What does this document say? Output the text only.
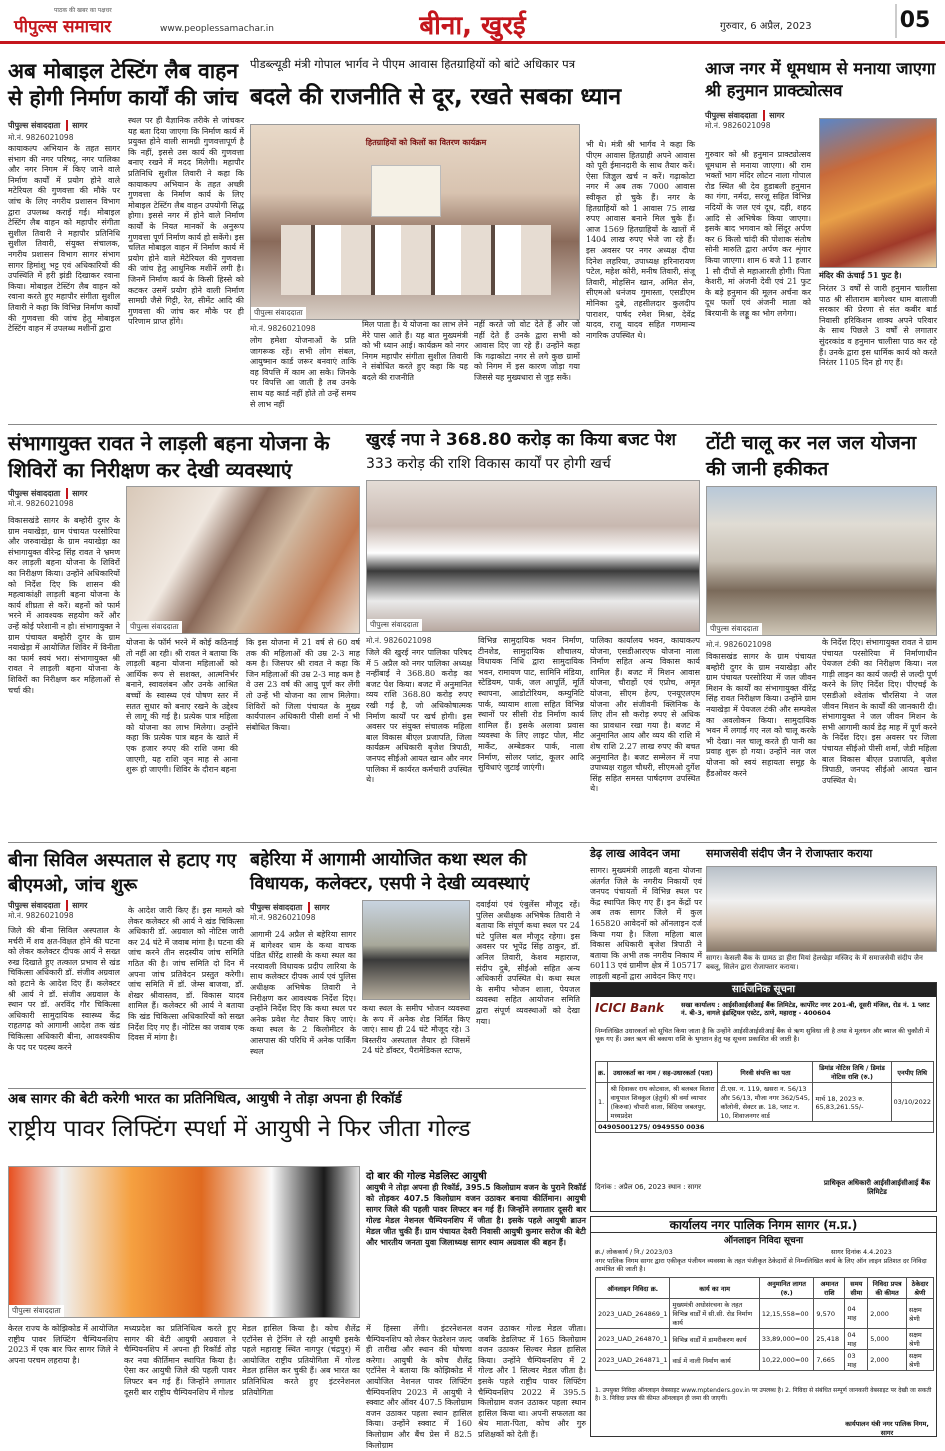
पाठक की खबर का पक्षधर
पीपुल्स समाचार	www.peoplessamachar.in	बीना, खुरई	गुरुवार, 6 अप्रैल, 2023	05
अब मोबाइल टेस्टिंग लैब वाहन से होगी निर्माण कार्यों की जांच
पीपुल्स संवाददाता	सागर
मो.नं. 9826021098
कायाकल्प अभियान के तहत सागर संभाग की नगर परिषद्, नगर पालिका और नगर निगम में किए जाने वाले निर्माण कार्यों में प्रयोग होने वाले मटेरियल की गुणवत्ता की मौके पर जांच के लिए नगरीय प्रशासन विभाग द्वारा उपलब्ध कराई गई। मोबाइल टेस्टिंग लैब वाहन को महापौर संगीता सुशील तिवारी ने महापौर प्रतिनिधि सुशील तिवारी, संयुक्त संचालक, नगरीय प्रशासन विभाग सागर संभाग सागर हिमांशु भट्ट एवं अधिकारियों की उपस्थिति में हरी झंडी दिखाकर रवाना किया। मोबाइल टेस्टिंग लैब वाहन को रवाना करते हुए महापौर संगीता सुशील तिवारी ने कहा कि विभिन्न निर्माण कार्यों की गुणवत्ता की जांच हेतु मोबाइल टेस्टिंग वाहन में उपलब्ध मशीनों द्वारा
स्थल पर ही वैज्ञानिक तरीके से जांचकर यह बता दिया जाएगा कि निर्माण कार्य में प्रयुक्त होने वाली सामग्री गुणवत्तापूर्ण है कि नहीं, इससे उस कार्य की गुणवत्ता बनाए रखने में मदद मिलेगी। महापौर प्रतिनिधि सुशील तिवारी ने कहा कि कायाकल्प अभियान के तहत अच्छी गुणवत्ता के निर्माण कार्य के लिए मोबाइल टेस्टिंग लैब वाहन उपयोगी सिद्ध होगा। इससे नगर में होने वाले निर्माण कार्यों के नियत मानकों के अनुरूप गुणवत्ता पूर्ण निर्माण कार्य हो सकेंगे। इस चलित मोबाइल वाहन में निर्माण कार्य में प्रयोग होने वाले मेटेरियल की गुणवत्ता की जांच हेतु आधुनिक मशीनें लगी है। जिनमें निर्माण कार्य के किसी हिस्से को कटकर उसमें प्रयोग होने वाली निर्माण सामग्री जैसे गिट्टी, रेत, सीमेंट आदि की गुणवत्ता की जांच कर मौके पर ही परिणाम प्राप्त होंगे।
पीडब्ल्यूडी मंत्री गोपाल भार्गव ने पीएम आवास हितग्राहियों को बांटे अधिकार पत्र
बदले की राजनीति से दूर, रखते सबका ध्यान
हितग्राहियों को किलों का वितरण कार्यक्रम
पीपुल्स संवाददाता
भी थे। मंत्री श्री भार्गव ने कहा कि पीएम आवास हितग्राही अपने आवास को पूरी ईमानदारी के साथ तैयार करें। ऐसा जिज्ञुल खर्च न करें। गढ़ाकोटा नगर में अब तक 7000 आवास स्वीकृत हो चुके हैं। नगर के हितग्राहियों को 1 आवास 75 लाख रुपए आवास बनाने मिल चुके हैं। आज 1569 हितग्राहियों के खातों में 1404 लाख रुपए भेजे जा रहे हैं। इस अवसर पर नगर अध्यक्ष दीपा दिनेश लहरिया, उपाध्यक्ष हरिनारायण पटेल, महेश कोरी, मनीष तिवारी, संजू तिवारी, मोहसिन खान, अमित सेन, सीएमओ धनंजय गुमास्ता, एसडीएम मोनिका दुबे, तहसीलदार कुलदीप पाराशर, पार्षद रमेश मिश्रा, देवेंद्र यादव, राजू यादव सहित गणमान्य नागरिक उपस्थित थे।
मो.नं. 9826021098
लोग हमेशा योजनाओं के प्रति जागरूक रहें। सभी लोग संबल, आयुष्मान कार्ड जरूर बनवाएं ताकि वह विपत्ति में काम आ सके। जिनके पर विपत्ति आ जाती है तब उनके साथ यह कार्ड नहीं होते तो उन्हें समय से लाभ नहीं
मिल पाता है। ये योजना का लाभ लेने मेरे पास आते हैं। यह बात मुख्यमंत्री को भी ध्यान आई। कार्यक्रम को नगर निगम महापौर संगीता सुशील तिवारी ने संबोधित करते हुए कहा कि यह बदले की राजनीति
नहीं करते जो वोट देते हैं और जो नहीं देते हैं उनके द्वारा सभी को आवास दिए जा रहे हैं। उन्होंने कहा कि गढ़ाकोटा नगर से लगे कुछ ग्रामों को निगम में इस कारण जोड़ा गया जिससे यह मुख्यधारा से जुड़ सकें।
आज नगर में धूमधाम से मनाया जाएगा श्री हनुमान प्राक्ट्योत्सव
पीपुल्स संवाददाता	सागर
मो.नं. 9826021098
गुरुवार को श्री हनुमान प्राक्ट्योत्सव धूमधाम से मनाया जाएगा। श्री राम भक्तों भाग मंदिर लोटन नाला गोपाल रोड स्थित श्री देव हुडाबली हनुमान का गंगा, नर्मदा, सरजू सहित विभिन्न नदियों के जल एवं दूध, दही, शहद आदि से अभिषेक किया जाएगा। इसके बाद भगवान को सिंदूर अर्पण कर 6 किलो चांदी की पोशाक संतोष सोनी मारुति द्वारा अर्पण कर शृंगार किया जाएगा। शाम 6 बजे 11 हजार 1 सौ दीपों से महाआरती होगी। पिता केशरी, मां अंजनी देवी एवं 21 फुट के बड़े हनुमान की मूलन अर्चना कर दूध फलों एवं अंजनी माता को बिरयानी के लड्डू का भोग लगेगा।
मंदिर की ऊंचाई 51 फुट है।
निरंतर 3 वर्षों से जारी हनुमान चालीसा पाठ श्री सीताराम बागेश्वर धाम बालाजी सरकार की प्रेरणा से संत कबीर बार्ड निवासी हरिकिशन शाक्य अपने परिवार के साथ पिछले 3 वर्षों से लगातार सुंदरकांड व हनुमान चालीसा पाठ कर रहे हैं। उनके द्वारा इस धार्मिक कार्य को करते निरंतर 1105 दिन हो गए हैं।
संभागायुक्त रावत ने लाड़ली बहना योजना के शिविरों का निरीक्षण कर देखी व्यवस्थाएं
पीपुल्स संवाददाता	सागर
मो.नं. 9826021098
विकासखंडे सागर के बम्होरी दुगर के ग्राम नयाखेड़ा, ग्राम पंचायत परसोरिया और जरुवाखेड़ा के ग्राम नयाखेड़ा का संभागायुक्त वीरेन्द्र सिंह रावत ने भ्रमण कर लाड़ली बहना योजना के शिविरों का निरीक्षण किया। उन्होंने अधिकारियों को निर्देश दिए कि शासन की महत्वाकांक्षी लाड़ली बहना योजना के कार्य शीघ्रता से करें। बहनों को फार्म भरने में आवश्यक सहयोग करें और उन्हें कोई परेशानी न हो। संभागायुक्त ने ग्राम पंचायत बम्होरी दुगर के ग्राम नयाखेड़ा में आयोजित शिविर में विनीता का फार्म स्वयं भरा। संभागायुक्त श्री रावत ने लाड़ली बहना योजना के शिविरों का निरीक्षण कर महिलाओं से चर्चा की।
पीपुल्स संवाददाता
योजना के फॉर्म भरने में कोई कठिनाई तो नहीं आ रही। श्री रावत ने बताया कि लाड़ली बहना योजना महिलाओं को आर्थिक रूप से सशक्त, आत्मनिर्भर बनाने, स्वावलंबन और उनके आश्रित बच्चों के स्वास्थ्य एवं पोषण स्तर में सतत सुधार को बनाए रखने के उद्देश्य से लागू की गई है। प्रत्येक पात्र महिला को योजना का लाभ मिलेगा। उन्होंने कहा कि प्रत्येक पात्र बहन के खाते में एक हजार रुपए की राशि जमा की जाएगी, यह राशि जून माह से आना शुरू हो जाएगी। शिविर के दौरान बहना
कि इस योजना में 21 वर्ष से 60 वर्ष तक की महिलाओं की उम्र 2-3 माह कम है। जिसपर श्री रावत ने कहा कि जिन महिलाओं की उम्र 2-3 माह कम है वे उस 23 वर्ष की आयु पूर्ण कर लेंगी तो उन्हें भी योजना का लाभ मिलेगा। शिविरों को जिला पंचायत के मुख्य कार्यपालन अधिकारी पीसी शर्मा ने भी संबोधित किया।
खुरई नपा ने 368.80 करोड़ का किया बजट पेश
333 करोड़ की राशि विकास कार्यों पर होगी खर्च
पीपुल्स संवाददाता
मो.नं. 9826021098
जिले की खुरई नगर पालिका परिषद में 5 अप्रैल को नगर पालिका अध्यक्ष नन्हींबाई ने 368.80 करोड़ का बजट पेश किया। बजट में अनुमानित व्यय राशि 368.80 करोड़ रुपए रखी गई है, जो अधिकोषात्मक निर्माण कार्यों पर खर्च होगी। इस अवसर पर संयुक्त संचालक महिला बाल विकास बीएल प्रजापति, जिला कार्यक्रम अधिकारी बृजेश त्रिपाठी, जनपद सीईओ आयत खान और नगर पालिका में कार्यरत कर्मचारी उपस्थित थे।
विभिन्न सामुदायिक भवन निर्माण, टीनशेड, सामुदायिक शौचालय, विधायक निधि द्वारा सामुदायिक भवन, रामायण पाट, सामिनि मंडिया, स्टेडियम, पार्क, जल आपूर्ति, मूर्ति स्थापना, आडोटोरियम, कम्युनिटि पार्क, व्यायाम शाला सहित विभिन्न स्थानों पर सीसी रोड निर्माण कार्य शामिल हैं। इसके अलावा प्रवास व्यवस्था के लिए लाइट पोल, मीट मार्केट, अम्बेडकर पार्क, नाला निर्माण, सोलर प्लांट, कूलर आदि सुविधाएं जुटाई जाएंगी।
पालिका कार्यालय भवन, कायाकल्प योजना, एसडीआरएफ योजना नाला निर्माण सहित अन्य विकास कार्य शामिल हैं। बजट में मिशन आवास योजना, चौराहों एवं एप्रोच, अमृत योजना, सीएम हेल्प, एनयूएलएम योजना और संजीवनी क्लिनिक के लिए तीन सौ करोड़ रुपए से अधिक का प्रावधान रखा गया है। बजट में अनुमानित आय और व्यय की राशि में शेष राशि 2.27 लाख रुपए की बचत अनुमानित है। बजट सम्मेलन में नपा उपाध्यक्ष राहुल चौधरी, सीएमओ दुर्गेश सिंह सहित समस्त पार्षदगण उपस्थित थे।
टोंटी चालू कर नल जल योजना की जानी हकीकत
पीपुल्स संवाददाता
मो.नं. 9826021098
विकासखंड सागर के ग्राम पंचायत बम्होरी दुगर के ग्राम नयाखेड़ा और ग्राम पंचायत परसोरिया में जल जीवन मिशन के कार्यों का संभागायुक्त वीरेंद्र सिंह रावत निरीक्षण किया। उन्होंने ग्राम नयाखेड़ा में पेयजल टंकी और सम्पवेल का अवलोकन किया। सामुदायिक भवन में लगाई गए नल को चालू करके भी देखा। नल चालू करते ही पानी का प्रवाह शुरू हो गया। उन्होंने नल जल योजना को स्वयं सहायता समूह के हैंडओवर करने
के निर्देश दिए। संभागायुक्त रावत ने ग्राम पंचायत परसोरिया में निर्माणाधीन पेयजल टंकी का निरीक्षण किया। नल गाड़ी लाइन का कार्य जल्दी से जल्दी पूर्ण करने के लिए निर्देश दिए। पीएचई के एसडीओ श्वेतांक चौरसिया ने जल जीवन मिशन के कार्यों की जानकारी दी। संभागायुक्त ने जल जीवन मिशन के सभी आगामी कार्य डेढ़ माह में पूर्ण करने के निर्देश दिए। इस अवसर पर जिला पंचायत सीईओ पीसी शर्मा, जेडी महिला बाल विकास बीएल प्रजापति, बृजेश त्रिपाठी, जनपद सीईओ आयत खान उपस्थित थे।
बीना सिविल अस्पताल से हटाए गए बीएमओ, जांच शुरू
पीपुल्स संवाददाता	सागर
मो.नं. 9826021098
जिले की बीना सिविल अस्पताल के मर्चरी में शव क्षत-विक्षत होने की घटना को लेकर कलेक्टर दीपक आर्य ने सख्त रुख दिखाते हुए तत्काल प्रभाव से खंड चिकित्सा अधिकारी डॉ. संजीव अग्रवाल को हटाने के आदेश दिए हैं। कलेक्टर श्री आर्य ने डॉ. संजीव अग्रवाल के स्थान पर डॉ. अरविंद गौर चिकित्सा अधिकारी सामुदायिक स्वास्थ्य केंद्र राहतगढ़ को आगामी आदेश तक खंड चिकित्सा अधिकारी बीना, आवश्यकीय के पद पर पदस्थ करने
के आदेश जारी किए हैं। इस मामले को लेकर कलेक्टर श्री आर्य ने खंड चिकित्सा अधिकारी डॉ. अग्रवाल को नोटिस जारी कर 24 घंटे में जवाब मांगा है। घटना की जांच करने तीन सदस्यीय जांच समिति गठित की है। जांच समिति दो दिन में अपना जांच प्रतिवेदन प्रस्तुत करेगी। जांच समिति में डॉ. जेम्स बाजवा, डॉ. शेखर श्रीवास्तव, डॉ. विकास यादव शामिल हैं। कलेक्टर श्री आर्य ने बताया कि खंड चिकित्सा अधिकारियों को सख्त निर्देश दिए गए हैं। नोटिस का जवाब एक दिवस में मांगा है।
बहेरिया में आगामी आयोजित कथा स्थल की विधायक, कलेक्टर, एसपी ने देखी व्यवस्थाएं
पीपुल्स संवाददाता	सागर
मो.नं. 9826021098
आगामी 24 अप्रैल से बहेरिया सागर में बागेश्वर धाम के कथा वाचक पंडित धीरेंद्र शास्त्री के कथा स्थल का नरयावली विधायक प्रदीप लारिया के साथ कलेक्टर दीपक आर्य एवं पुलिस अधीक्षक अभिषेक तिवारी ने निरीक्षण कर आवश्यक निर्देश दिए। उन्होंने निर्देश दिए कि कथा स्थल पर अनेक प्रवेश गेट तैयार किए जाएं। कथा स्थल के 2 किलोमीटर के आसपास की परिधि में अनेक पार्किंग स्थल
कथा स्थल के समीप भोजन व्यवस्था के रूप में अनेक शेड निर्मित किए जाएं। साथ ही 24 घंटे मौजूद रहे। 3 बिस्तरीय अस्पताल तैयार हो जिसमें 24 घंटे डॉक्टर, पैरामेडिकल स्टाफ,
दवाईयां एवं एंबुलेंस मौजूद रहें। पुलिस अधीक्षक अभिषेक तिवारी ने बताया कि संपूर्ण कथा स्थल पर 24 घंटे पुलिस बल मौजूद रहेगा। इस अवसर पर भूपेंद्र सिंह ठाकुर, डॉ. अनिल तिवारी, केशव महाराज, संदीप दुबे, सीईओ सहित अन्य अधिकारी उपस्थित थे। कथा स्थल के समीप भोजन शाला, पेयजल व्यवस्था सहित आयोजन समिति द्वारा संपूर्ण व्यवस्थाओं को देखा गया।
डेढ़ लाख आवेदन जमा
सागर। मुख्यमंत्री लाड़ली बहना योजना अंतर्गत जिले के नगरीय निकायों एवं जनपद पंचायतों में विभिन्न स्थल पर केंद्र स्थापित किए गए हैं। इन केंद्रों पर अब तक सागर जिले में कुल 165820 आवेदनों को ऑनलाइन दर्ज किया गया है। जिला महिला बाल विकास अधिकारी बृजेश त्रिपाठी ने बताया कि अभी तक नगरीय निकाय में 60113 एवं ग्रामीण क्षेत्र में 105717 लाड़ली बहनों द्वारा आवेदन किए गए।
समाजसेवी संदीप जैन ने रोजाफ्तार कराया
सागर। केसली बैंक के ग्रामठ डा हीरा मियां हेलखेड़ा मस्जिद के में समाजसेवी संदीप जैन बबलू, सिलेन द्वारा रोजाफ्तार कराया।
सार्वजनिक सूचना
ICICI Bank	सखा कार्यालय : आईसीआईसीआई बैंक लिमिटेड, कार्पोरेट नगर 201-बी, दूसरी मंजिल, रोड नं. 1 प्लाट नं. बी-3, वागले इंडस्ट्रियल एस्टेट, ठाणे, महाराष्ट्र - 400604
निम्नलिखित उधारकर्ता को सूचित किया जाता है कि उन्होंने आईसीआईसीआई बैंक से ऋण सुविधा ली है तथा वे मूलधन और ब्याज की चुकौती में चूक गए हैं। उक्त ऋण की बकाया राशि के भुगतान हेतु यह सूचना प्रकाशित की जाती है।
क्र.	उधारकर्ता का नाम / सह-उधारकर्ता (पता)	गिरवी संपत्ति का पता	डिमांड नोटिस तिथि / डिमांड नोटिस राशि (रु.)	एनपीए तिथि
1.	श्री दिवाकर राय कोटवाल, श्री बलबल वितारा वायूपाल शिवकुल (हेतुर्थ) श्री वर्मा व्यापार (किरुवा) चौपारी वाला, बिंदिया जबलपुर, मध्यप्रदेश	टी.एस. न. 119, खसरा न. 56/13 और 56/13, मौजा नगर 362/545, कॉलोनी, सेक्टर क्र. 18, प्लाट न. 10, शिवाजनगर वार्ड	मार्च 18, 2023 रु. 65,83,261.55/-	03/10/2022
04905001275/ 0949550 0036				
दिनांक : अप्रैल 06, 2023 स्थान : सागर	प्राधिकृत अधिकारी आईसीआईसीआई बैंक लिमिटेड
कार्यालय नगर पालिक निगम सागर (म.प्र.)
ऑनलाइन निविदा सूचना
क्र./ लोककार्य / नि./ 2023/03	सागर दिनांक 4.4.2023
नगर पालिक निगम सागर द्वारा एकीकृत पंजीयन व्यवस्था के तहत पंजीकृत ठेकेदारों से निम्नलिखित कार्य के लिए ऑन लाइन प्रतिशत दर निविदा आमंत्रित की जाती है।
ऑनलाइन निविदा क्र.	कार्य का नाम	अनुमानित लागत (रु.)	अमानत राशि	समय सीमा	निविदा प्रपत्र की कीमत	ठेकेदार श्रेणी
2023_UAD_264869_1	मुख्यमंत्री अधोसंरचना के तहत विभिन्न वार्डों में सी.सी. रोड निर्माण कार्य	12,15,558=00	9,570	04 माह	2,000	सक्षम श्रेणी
2023_UAD_264870_1	विभिन्न वार्डों में डामरीकरण कार्य	33,89,000=00	25,418	04 माह	5,000	सक्षम श्रेणी
2023_UAD_264871_1	वार्ड में नाली निर्माण कार्य	10,22,000=00	7,665	03 माह	2,000	सक्षम श्रेणी
1. उपयुक्त निविदा ऑनलाइन वेबसाइट www.mptenders.gov.in पर उपलब्ध है। 2. निविदा से संबंधित सम्पूर्ण जानकारी वेबसाइट पर देखी जा सकती है। 3. निविदा प्रपत्र की कीमत ऑनलाइन ही जमा की जाएगी।
कार्यपालन यंत्री नगर पालिक निगम, सागर
अब सागर की बेटी करेगी भारत का प्रतिनिधित्व, आयुषी ने तोड़ा अपना ही रिकॉर्ड
राष्ट्रीय पावर लिफ्टिंग स्पर्धा में आयुषी ने फिर जीता गोल्ड
पीपुल्स संवाददाता
दो बार की गोल्ड मेडलिस्ट आयुषी
आयुषी ने तोड़ा अपना ही रिकॉर्ड, 395.5 किलोग्राम वजन के पुराने रिकॉर्ड को तोड़कर 407.5 किलोग्राम वजन उठाकर बनाया कीर्तिमान। आयुषी सागर जिले की पहली पावर लिफ्टर बन गई हैं। जिन्होंने लगातार दूसरी बार गोल्ड मेडल नेशनल चैम्पियनशिप में जीता है। इसके पहले आयुषी ब्राउन मेडल जीत चुकी हैं। ग्राम पंचायत देवरी निवासी आयुषी कुमार सरोज की बेटी और भारतीय जनता युवा जिलाध्यक्ष सागर श्याम अग्रवाल की बहन हैं।
केरल राज्य के कोझिकोड में आयोजित राष्ट्रीय पावर लिफ्टिंग चैम्पियनशिप 2023 में एक बार फिर सागर जिले ने अपना परचम लहराया है।
मध्यप्रदेश का प्रतिनिधित्व करते हुए सागर की बेटी आयुषी अग्रवाल ने चैम्पियनशिप में अपना ही रिकॉर्ड तोड़ कर नया कीर्तिमान स्थापित किया है। ऐसा कर आयुषी जिले की पहली पावर लिफ्टर बन गई हैं। जिन्होंने लगातार दूसरी बार राष्ट्रीय चैम्पियनशिप में गोल्ड
मेडल हासिल किया है। कोच शैलेंद्र एटॉनेस से ट्रेनिंग ले रही आयुषी इसके पहले महाराष्ट्र स्थित नागपुर (चंद्रपुर) में आयोजित राष्ट्रीय प्रतियोगिता में गोल्ड मेडल हासिल कर चुकी हैं। अब भारत का प्रतिनिधित्व करते हुए इंटरनेशनल प्रतियोगिता
में हिस्सा लेंगी। इंटरनेशनल चैम्पियनशिप को लेकर फेडरेशन जल्द ही तारीख और स्थान की घोषणा करेगा। आयुषी के कोच शैलेंद्र एटॉनेस ने बताया कि कोझिकोड में आयोजित नेशनल पावर लिफ्टिंग चैम्पियनशिप 2023 में आयुषी ने स्क्वाट और ऑवर 407.5 किलोग्राम वजन उठाकर पहला स्थान हासिल किया। उन्होंने स्क्वाट में 160 किलोग्राम और बैंच प्रेस में 82.5 किलोग्राम
वजन उठाकर गोल्ड मेडल जीता। जबकि डेडलिफ्ट में 165 किलोग्राम वजन उठाकर सिल्वर मेडल हासिल किया। उन्होंने चैम्पियनशिप में 2 गोल्ड और 1 सिल्वर मेडल जीता है। इसके पहले राष्ट्रीय पावर लिफ्टिंग चैम्पियनशिप 2022 में 395.5 किलोग्राम वजन उठाकर पहला स्थान हासिल किया था। अपनी सफलता का श्रेय माता-पिता, कोच और गुरु प्रशिक्षकों को देती हैं।
